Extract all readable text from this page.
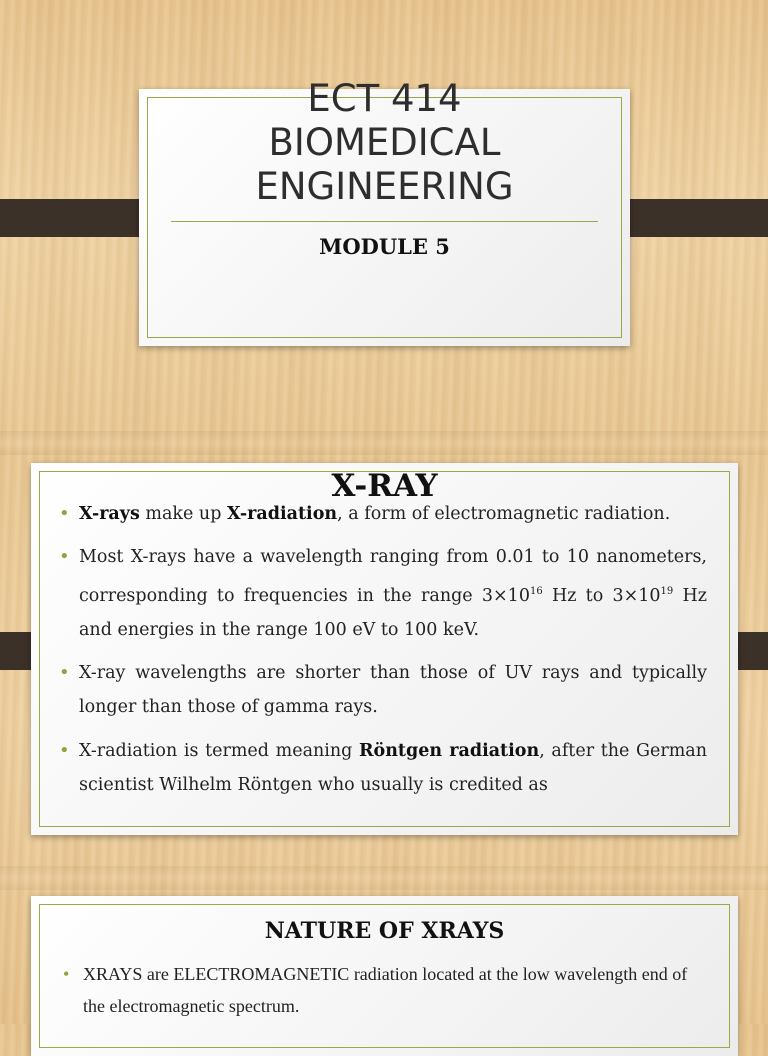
ECT 414
BIOMEDICAL
ENGINEERING
MODULE 5
X-RAY
• X-rays make up X-radiation, a form of electromagnetic radiation.
• Most X-rays have a wavelength ranging from 0.01 to 10 nanometers, corresponding to frequencies in the range $3\times 10^{16}$ Hz to $3\times 10^{19}$ Hz and energies in the range 100 eV to 100 keV.
• X-ray wavelengths are shorter than those of UV rays and typically longer than those of gamma rays.
• X-radiation is termed meaning Röntgen radiation, after the German scientist Wilhelm Röntgen who usually is credited as
NATURE OF XRAYS
• XRAYS are ELECTROMAGNETIC radiation located at the low wavelength end of the electromagnetic spectrum.
